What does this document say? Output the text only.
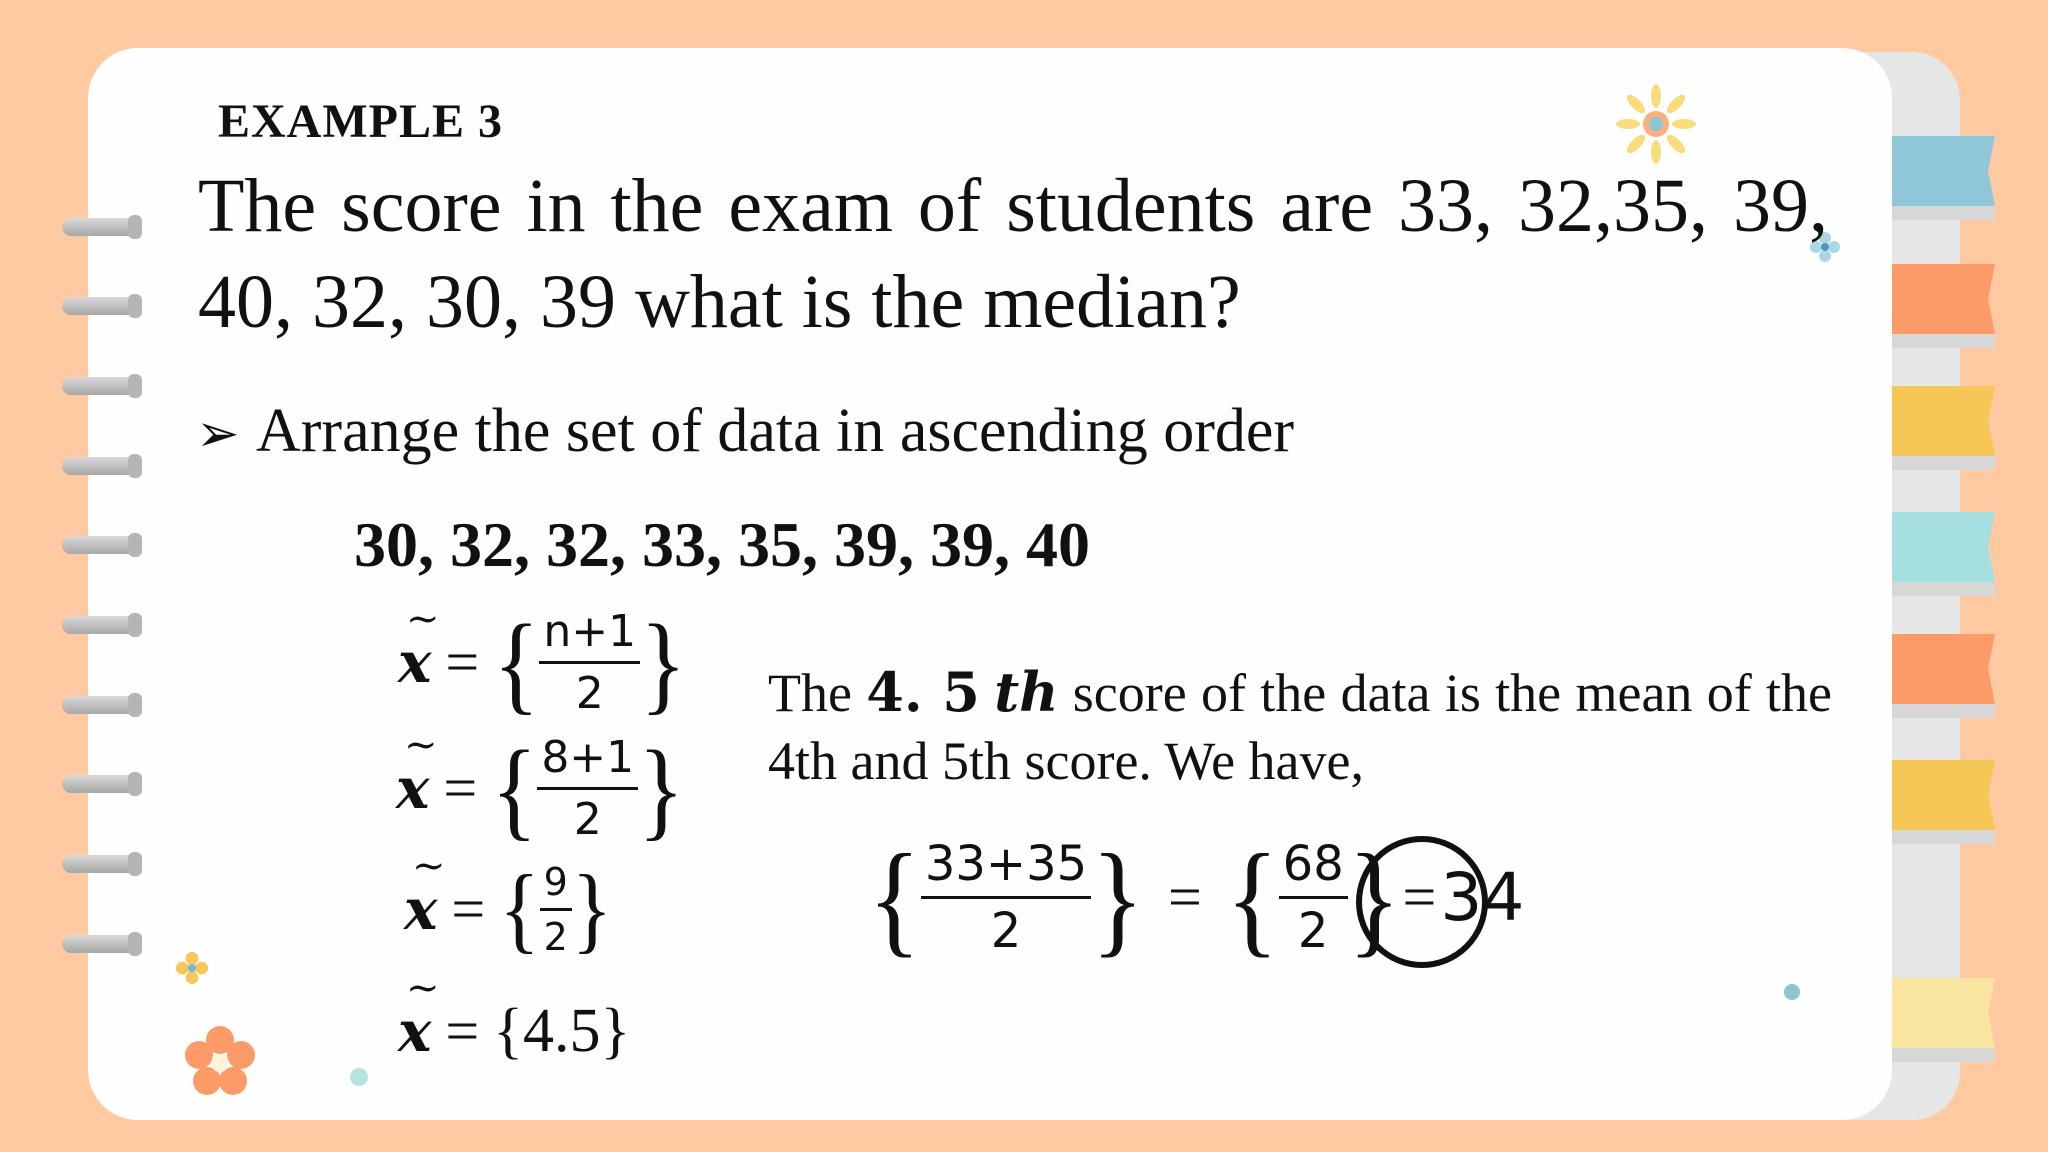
EXAMPLE 3
The score in the exam of students are 33, 32,35, 39, 40, 32, 30, 39 what is the median?
➢ Arrange the set of data in ascending order
30, 32, 32, 33, 35, 39, 39, 40
~
x = { $\frac{n+1}{2}$ }
~
x = { $\frac{8+1}{2}$ }
~
x = { $\frac{9}{2}$ }
~
x = {4.5}
The 4. 5 th score of the data is the mean of the 4th and 5th score. We have,
{ $\frac{33+35}{2}$ } = { $\frac{68}{2}$ } = 34
